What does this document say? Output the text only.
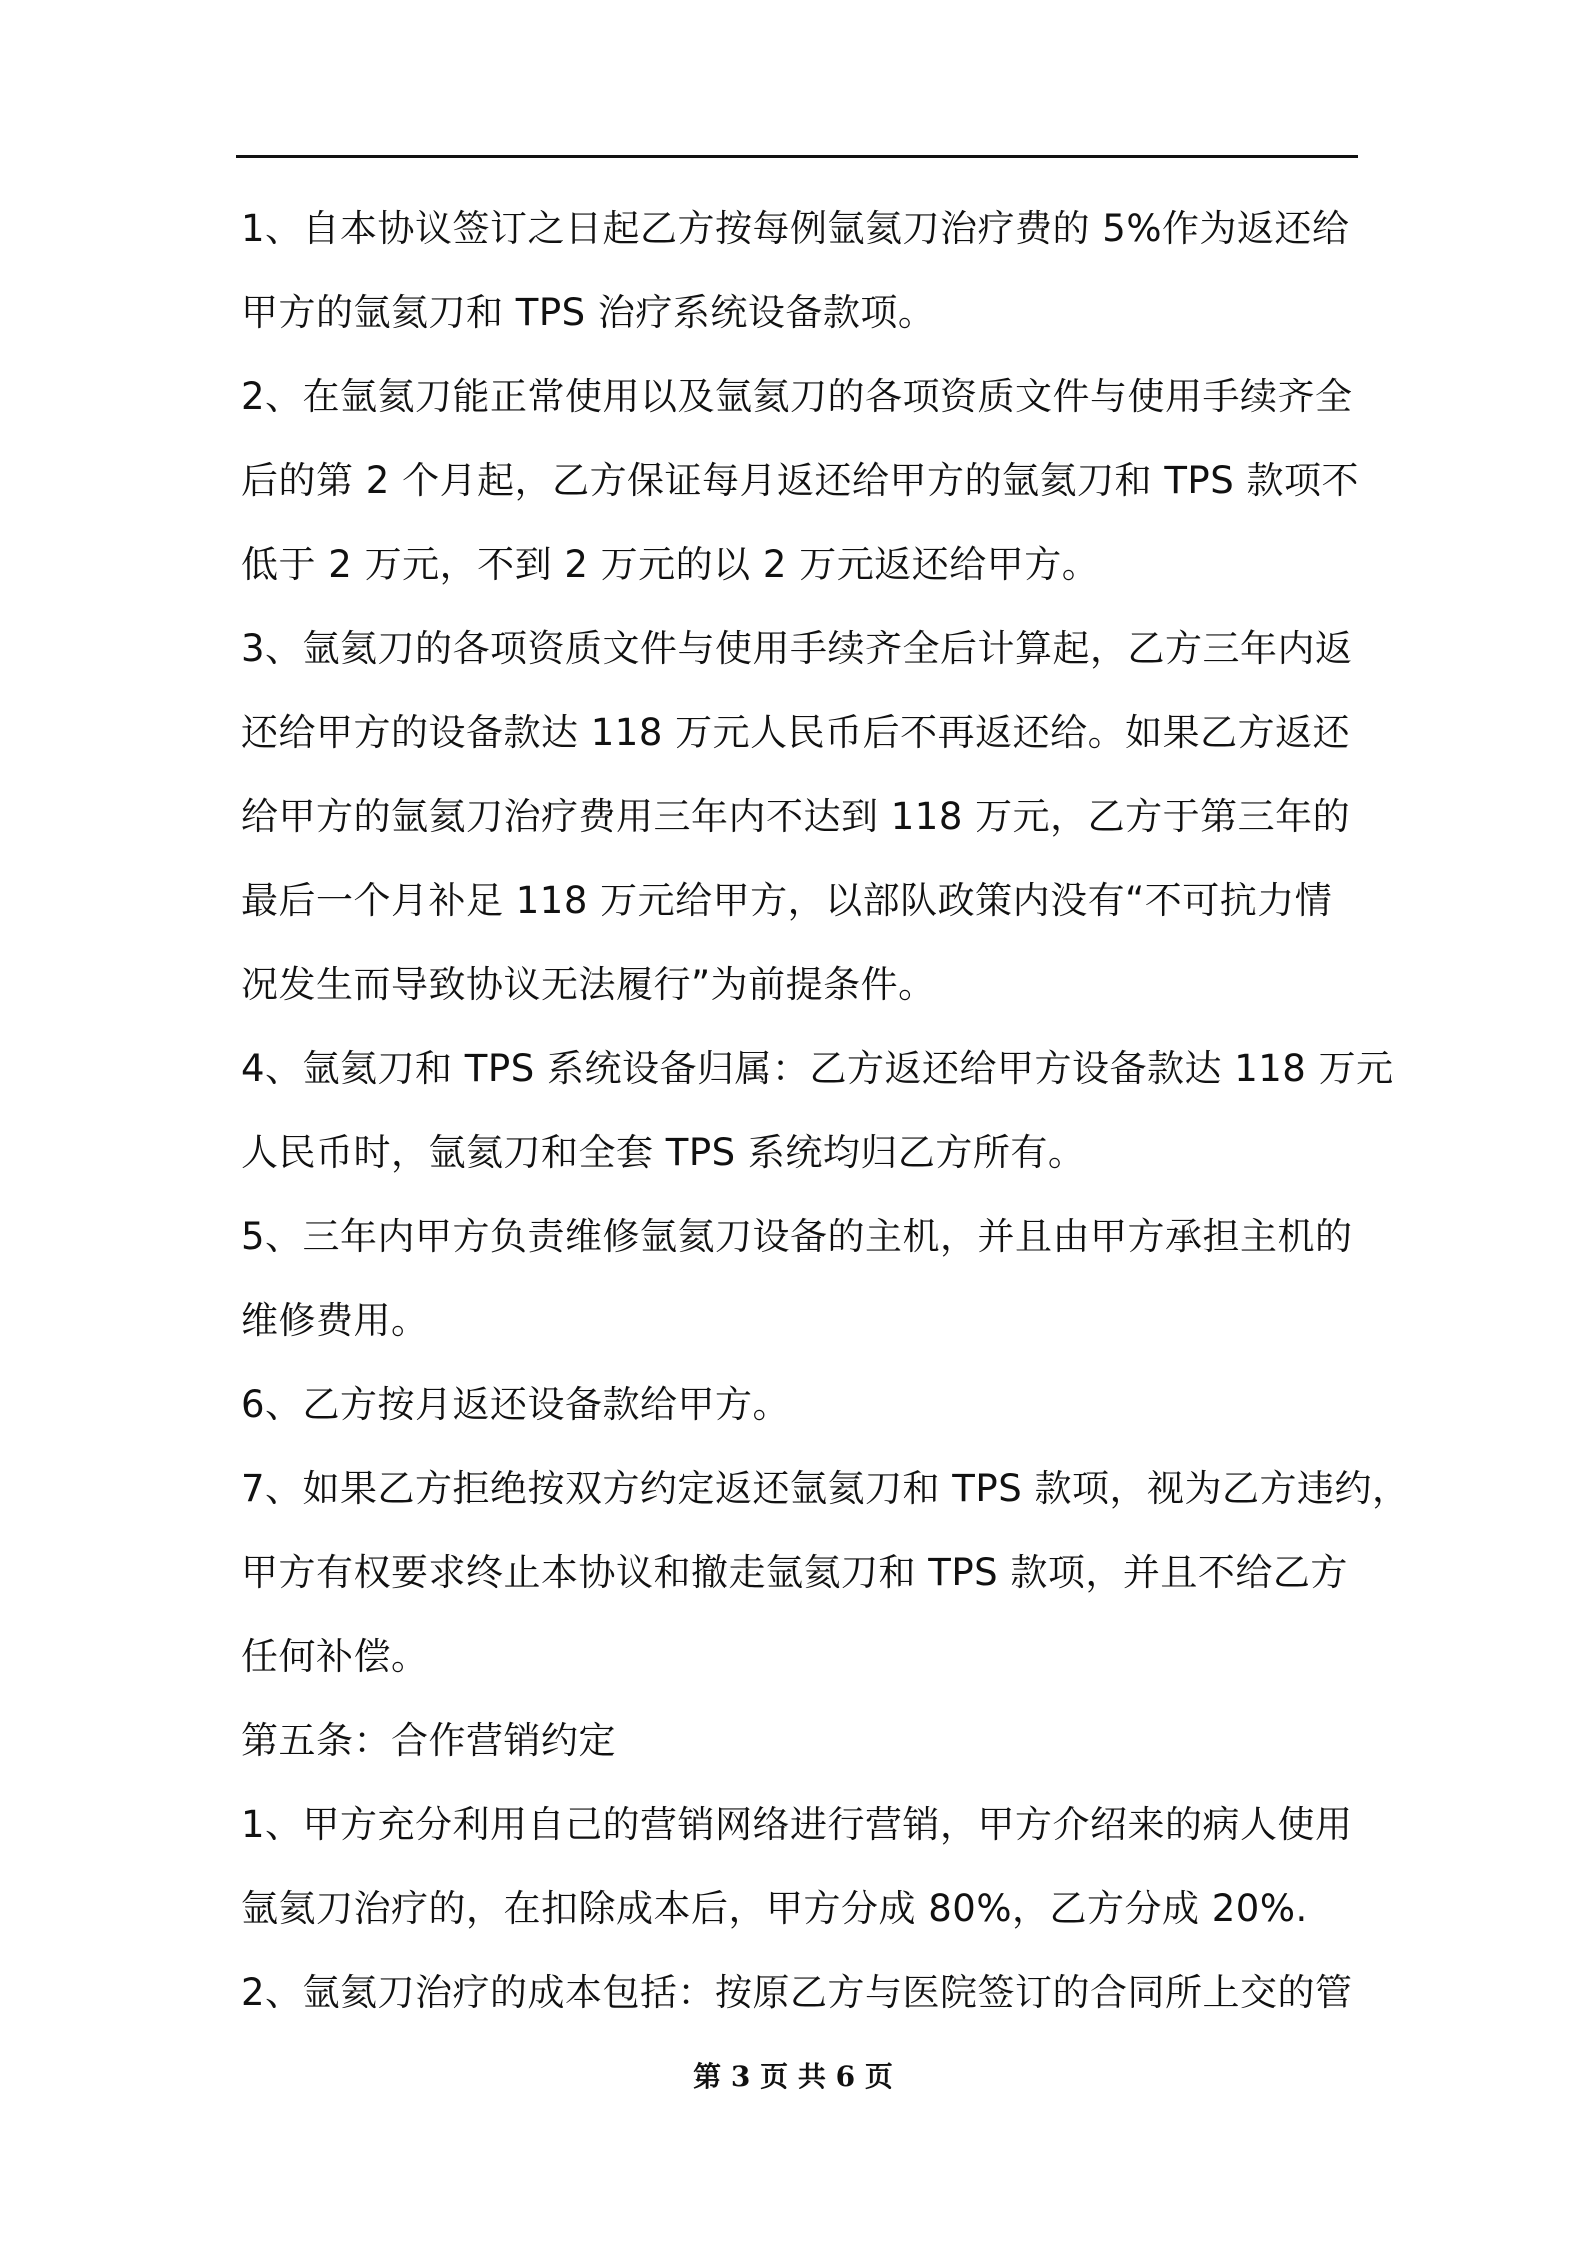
1、自本协议签订之日起乙方按每例氩氦刀治疗费的 5%作为返还给
甲方的氩氦刀和 TPS 治疗系统设备款项。
2、在氩氦刀能正常使用以及氩氦刀的各项资质文件与使用手续齐全
后的第 2 个月起，乙方保证每月返还给甲方的氩氦刀和 TPS 款项不
低于 2 万元，不到 2 万元的以 2 万元返还给甲方。
3、氩氦刀的各项资质文件与使用手续齐全后计算起，乙方三年内返
还给甲方的设备款达 118 万元人民币后不再返还给。如果乙方返还
给甲方的氩氦刀治疗费用三年内不达到 118 万元，乙方于第三年的
最后一个月补足 118 万元给甲方，以部队政策内没有“不可抗力情
况发生而导致协议无法履行”为前提条件。
4、氩氦刀和 TPS 系统设备归属：乙方返还给甲方设备款达 118 万元
人民币时，氩氦刀和全套 TPS 系统均归乙方所有。
5、三年内甲方负责维修氩氦刀设备的主机，并且由甲方承担主机的
维修费用。
6、乙方按月返还设备款给甲方。
7、如果乙方拒绝按双方约定返还氩氦刀和 TPS 款项，视为乙方违约，
甲方有权要求终止本协议和撤走氩氦刀和 TPS 款项，并且不给乙方
任何补偿。
第五条：合作营销约定
1、甲方充分利用自己的营销网络进行营销，甲方介绍来的病人使用
氩氦刀治疗的，在扣除成本后，甲方分成 80%，乙方分成 20%.
2、氩氦刀治疗的成本包括：按原乙方与医院签订的合同所上交的管
第 3 页 共 6 页
